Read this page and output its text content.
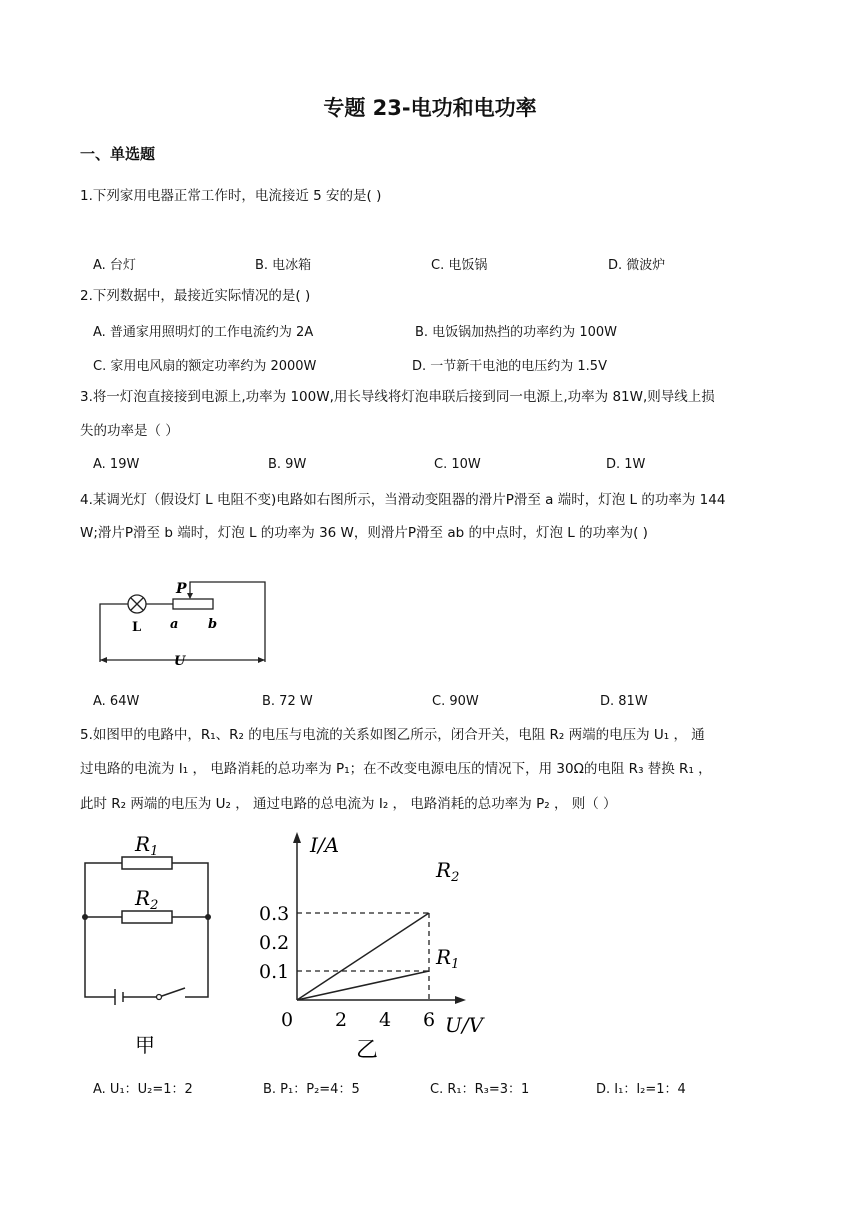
专题 23-电功和电功率
一、单选题
1.下列家用电器正常工作时，电流接近 5 安的是( )
A. 台灯	B. 电冰箱	C. 电饭锅	D. 微波炉
2.下列数据中，最接近实际情况的是( )
A. 普通家用照明灯的工作电流约为 2A	B. 电饭锅加热挡的功率约为 100W
C. 家用电风扇的额定功率约为 2000W	D. 一节新干电池的电压约为 1.5V
3.将一灯泡直接接到电源上,功率为 100W,用长导线将灯泡串联后接到同一电源上,功率为 81W,则导线上损
失的功率是（ ）
A. 19W	B. 9W	C. 10W	D. 1W
4.某调光灯（假设灯 L 电阻不变)电路如右图所示，当滑动变阻器的滑片P滑至 a 端时，灯泡 L 的功率为 144
W;滑片P滑至 b 端时，灯泡 L 的功率为 36 W，则滑片P滑至 ab 的中点时，灯泡 L 的功率为( )
P
L a b
U
A. 64W	B. 72 W	C. 90W	D. 81W
5.如图甲的电路中，R₁、R₂ 的电压与电流的关系如图乙所示，闭合开关，电阻 R₂ 两端的电压为 U₁ ， 通
过电路的电流为 I₁ ， 电路消耗的总功率为 P₁；在不改变电源电压的情况下，用 30Ω的电阻 R₃ 替换 R₁ ，
此时 R₂ 两端的电压为 U₂ ， 通过电路的总电流为 I₂ ， 电路消耗的总功率为 P₂ ， 则（ ）
$R_1$
$R_2$
甲
0 2 4 6
0.1
0.2
0.3
I/A
U/V
$R_2$
$R_1$
乙
A. U₁：U₂=1：2	B. P₁：P₂=4：5	C. R₁：R₃=3：1	D. I₁：I₂=1：4
